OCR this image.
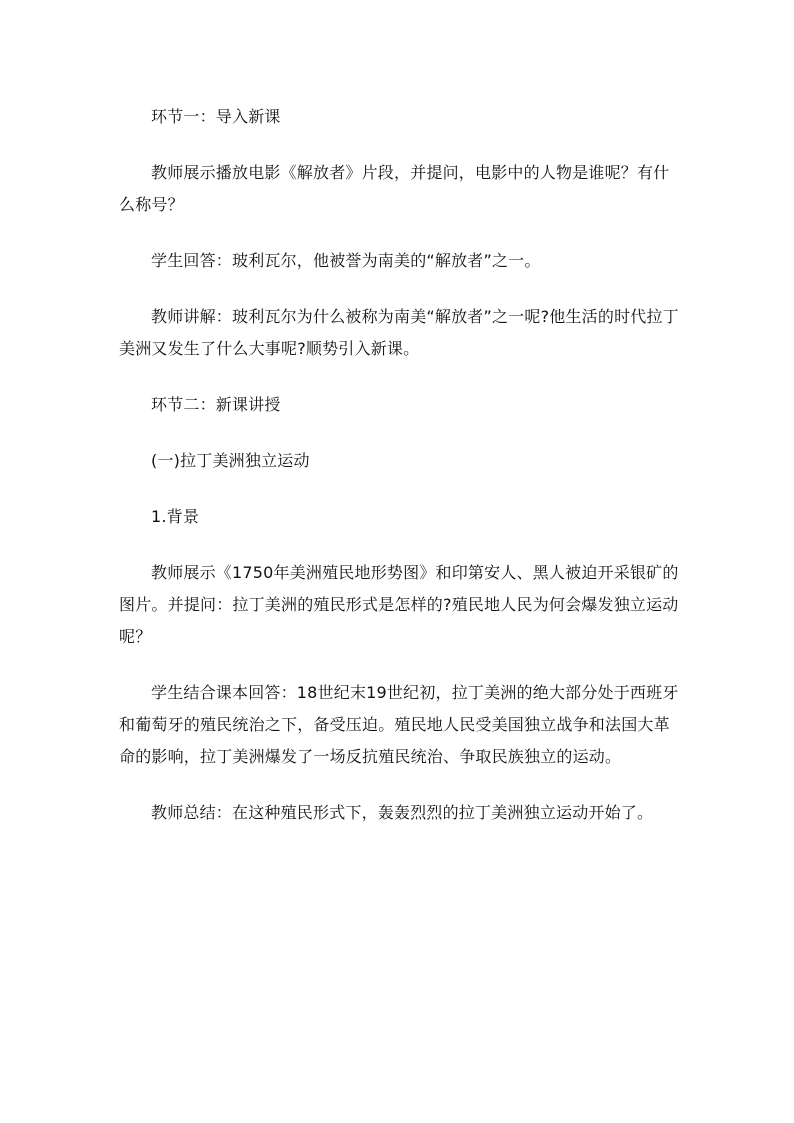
环节一：导入新课

教师展示播放电影《解放者》片段，并提问，电影中的人物是谁呢？有什么称号？

学生回答：玻利瓦尔，他被誉为南美的“解放者”之一。

教师讲解：玻利瓦尔为什么被称为南美“解放者”之一呢?他生活的时代拉丁美洲又发生了什么大事呢?顺势引入新课。

环节二：新课讲授

(一)拉丁美洲独立运动

1.背景

教师展示《1750年美洲殖民地形势图》和印第安人、黑人被迫开采银矿的图片。并提问：拉丁美洲的殖民形式是怎样的?殖民地人民为何会爆发独立运动呢？

学生结合课本回答：18世纪末19世纪初，拉丁美洲的绝大部分处于西班牙和葡萄牙的殖民统治之下，备受压迫。殖民地人民受美国独立战争和法国大革命的影响，拉丁美洲爆发了一场反抗殖民统治、争取民族独立的运动。

教师总结：在这种殖民形式下，轰轰烈烈的拉丁美洲独立运动开始了。
